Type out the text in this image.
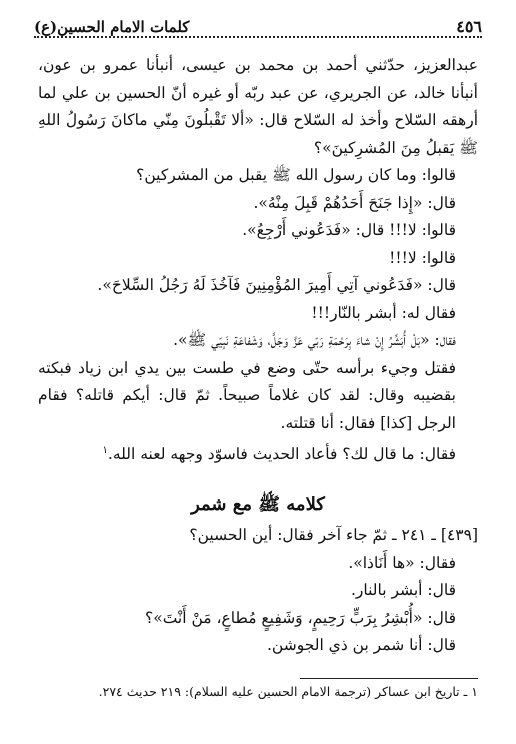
٤٥٦
كلمات الامام الحسين(ع)

عبدالعزيز، حدّثني أحمد بن محمد بن عيسى، أنبأنا عمرو بن عون، أنبأنا خالد، عن الجريري، عن عبد ربّه أو غيره أنّ الحسين بن علي لما أرهقه السّلاح وأخذ له السّلاح قال: «ألا تَقْبلُونَ مِنّي ماكانَ رَسُولُ اللهِ ﷺ يَقبلُ مِنَ المُشرِكينَ»؟

قالوا: وما كان رسول الله ﷺ يقبل من المشركين؟

قال: «إِذا جَنَحَ أَحَدُهُمْ قَبِلَ مِنْهُ».

قالوا: لا!!! قال: «فَدَعُوني أَرْجِعُ».

قالوا: لا!!!

قال: «فَدَعُوني آتِي أَمِيرَ المُؤْمِنِينَ فَآخُذَ لَهُ رَجُلُ السِّلاحَ».

فقال له: أبشر بالنّار!!!

فقال: «بَلْ أُبَشِّرُ إِنْ شاءَ بِرَحْمَةِ رَبّي عَزَّ وَجَلَّ، وَشَفاعَةِ نَبِيّي ﷺ».

فقتل وجيء برأسه حتّى وضع في طست بين يدي ابن زياد فبكته بقضيبه وقال: لقد كان غلاماً صبيحاً. ثمّ قال: أيكم قاتله؟ فقام الرجل [كذا] فقال: أنا قتلته.

فقال: ما قال لك؟ فأعاد الحديث فاسوّد وجهه لعنه الله.$^١$

كلامه ﷺ مع شمر

[٤٣٩] ـ ٢٤١ ـ ثمّ جاء آخر فقال: أين الحسين؟

فقال: «ها أَنَاذا».

قال: أبشر بالنار.

قال: «أُبْشِرُ بِرَبٍّ رَحِيمٍ، وَشَفِيعٍ مُطاعٍ، مَنْ أَنْتَ»؟

قال: أنا شمر بن ذي الجوشن.

١ ـ تاريخ ابن عساكر (ترجمة الامام الحسين عليه السلام): ٢١٩ حديث ٢٧٤.
